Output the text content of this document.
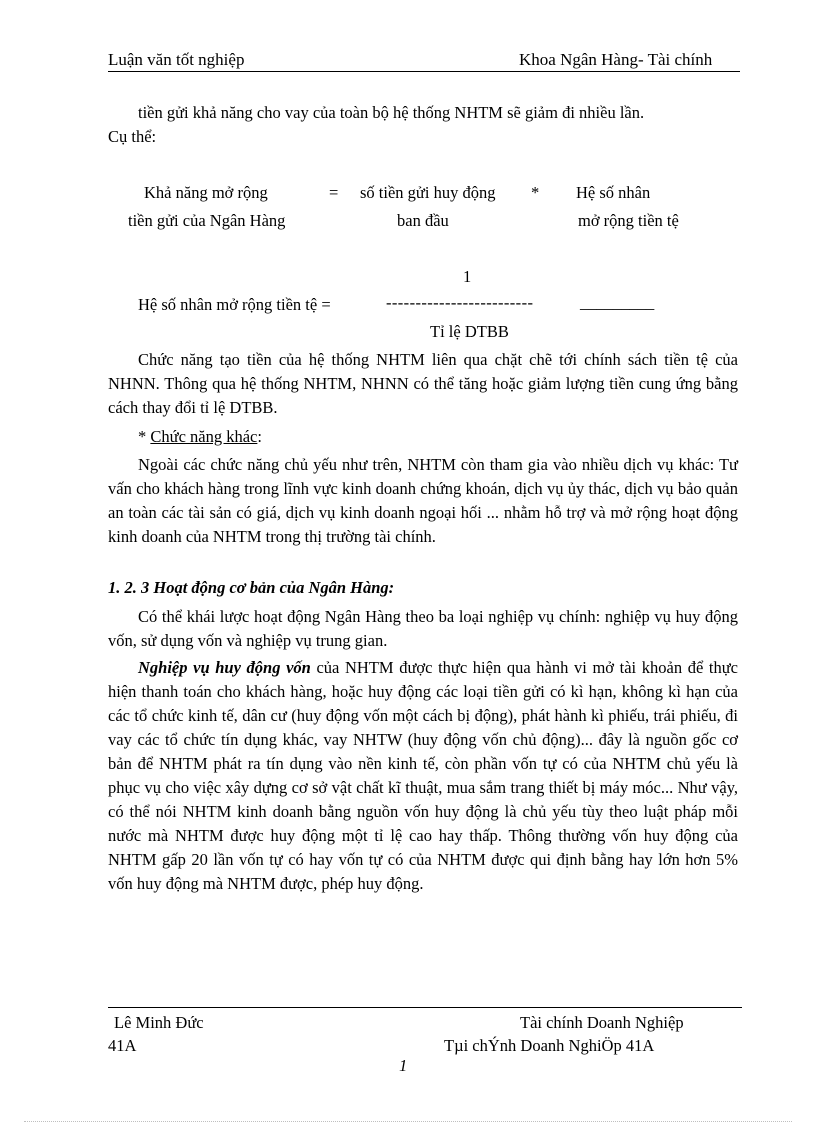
Luận văn tốt nghiệp	Khoa Ngân Hàng- Tài chính
tiền gửi khả năng cho vay của toàn bộ hệ thống NHTM sẽ giảm đi nhiều lần.
Cụ thể:
Khả năng mở rộng
tiền gửi của Ngân Hàng
= số tiền gửi huy động
ban đầu
* Hệ số nhân
mở rộng tiền tệ
1
Hệ số nhân mở rộng tiền tệ =	-------------------------	_________
Tỉ lệ DTBB

Chức năng tạo tiền của hệ thống NHTM liên qua chặt chẽ tới chính sách tiền tệ của NHNN. Thông qua hệ thống NHTM, NHNN có thể tăng hoặc giảm lượng tiền cung ứng bằng cách thay đổi tỉ lệ DTBB.

* Chức năng khác:

Ngoài các chức năng chủ yếu như trên, NHTM còn tham gia vào nhiều dịch vụ khác: Tư vấn cho khách hàng trong lĩnh vực kinh doanh chứng khoán, dịch vụ ủy thác, dịch vụ bảo quản an toàn các tài sản có giá, dịch vụ kinh doanh ngoại hối ... nhằm hỗ trợ và mở rộng hoạt động kinh doanh của NHTM trong thị trường tài chính.

1. 2. 3 Hoạt động cơ bản của Ngân Hàng:

Có thể khái lược hoạt động Ngân Hàng theo ba loại nghiệp vụ chính: nghiệp vụ huy động vốn, sử dụng vốn và nghiệp vụ trung gian.

Nghiệp vụ huy động vốn của NHTM được thực hiện qua hành vi mở tài khoản để thực hiện thanh toán cho khách hàng, hoặc huy động các loại tiền gửi có kì hạn, không kì hạn của các tổ chức kinh tế, dân cư (huy động vốn một cách bị động), phát hành kì phiếu, trái phiếu, đi vay các tổ chức tín dụng khác, vay NHTW (huy động vốn chủ động)... đây là nguồn gốc cơ bản để NHTM phát ra tín dụng vào nền kinh tế, còn phần vốn tự có của NHTM chủ yếu là phục vụ cho việc xây dựng cơ sở vật chất kĩ thuật, mua sắm trang thiết bị máy móc... Như vậy, có thể nói NHTM kinh doanh bằng nguồn vốn huy động là chủ yếu tùy theo luật pháp mỗi nước mà NHTM được huy động một tỉ lệ cao hay thấp. Thông thường vốn huy động của NHTM gấp 20 lần vốn tự có hay vốn tự có của NHTM được qui định bằng hay lớn hơn 5% vốn huy động mà NHTM được, phép huy động.

Lê Minh Đức
41A
Tài chính Doanh Nghiệp
Tµi chÝnh Doanh NghiÖp 41A
1
